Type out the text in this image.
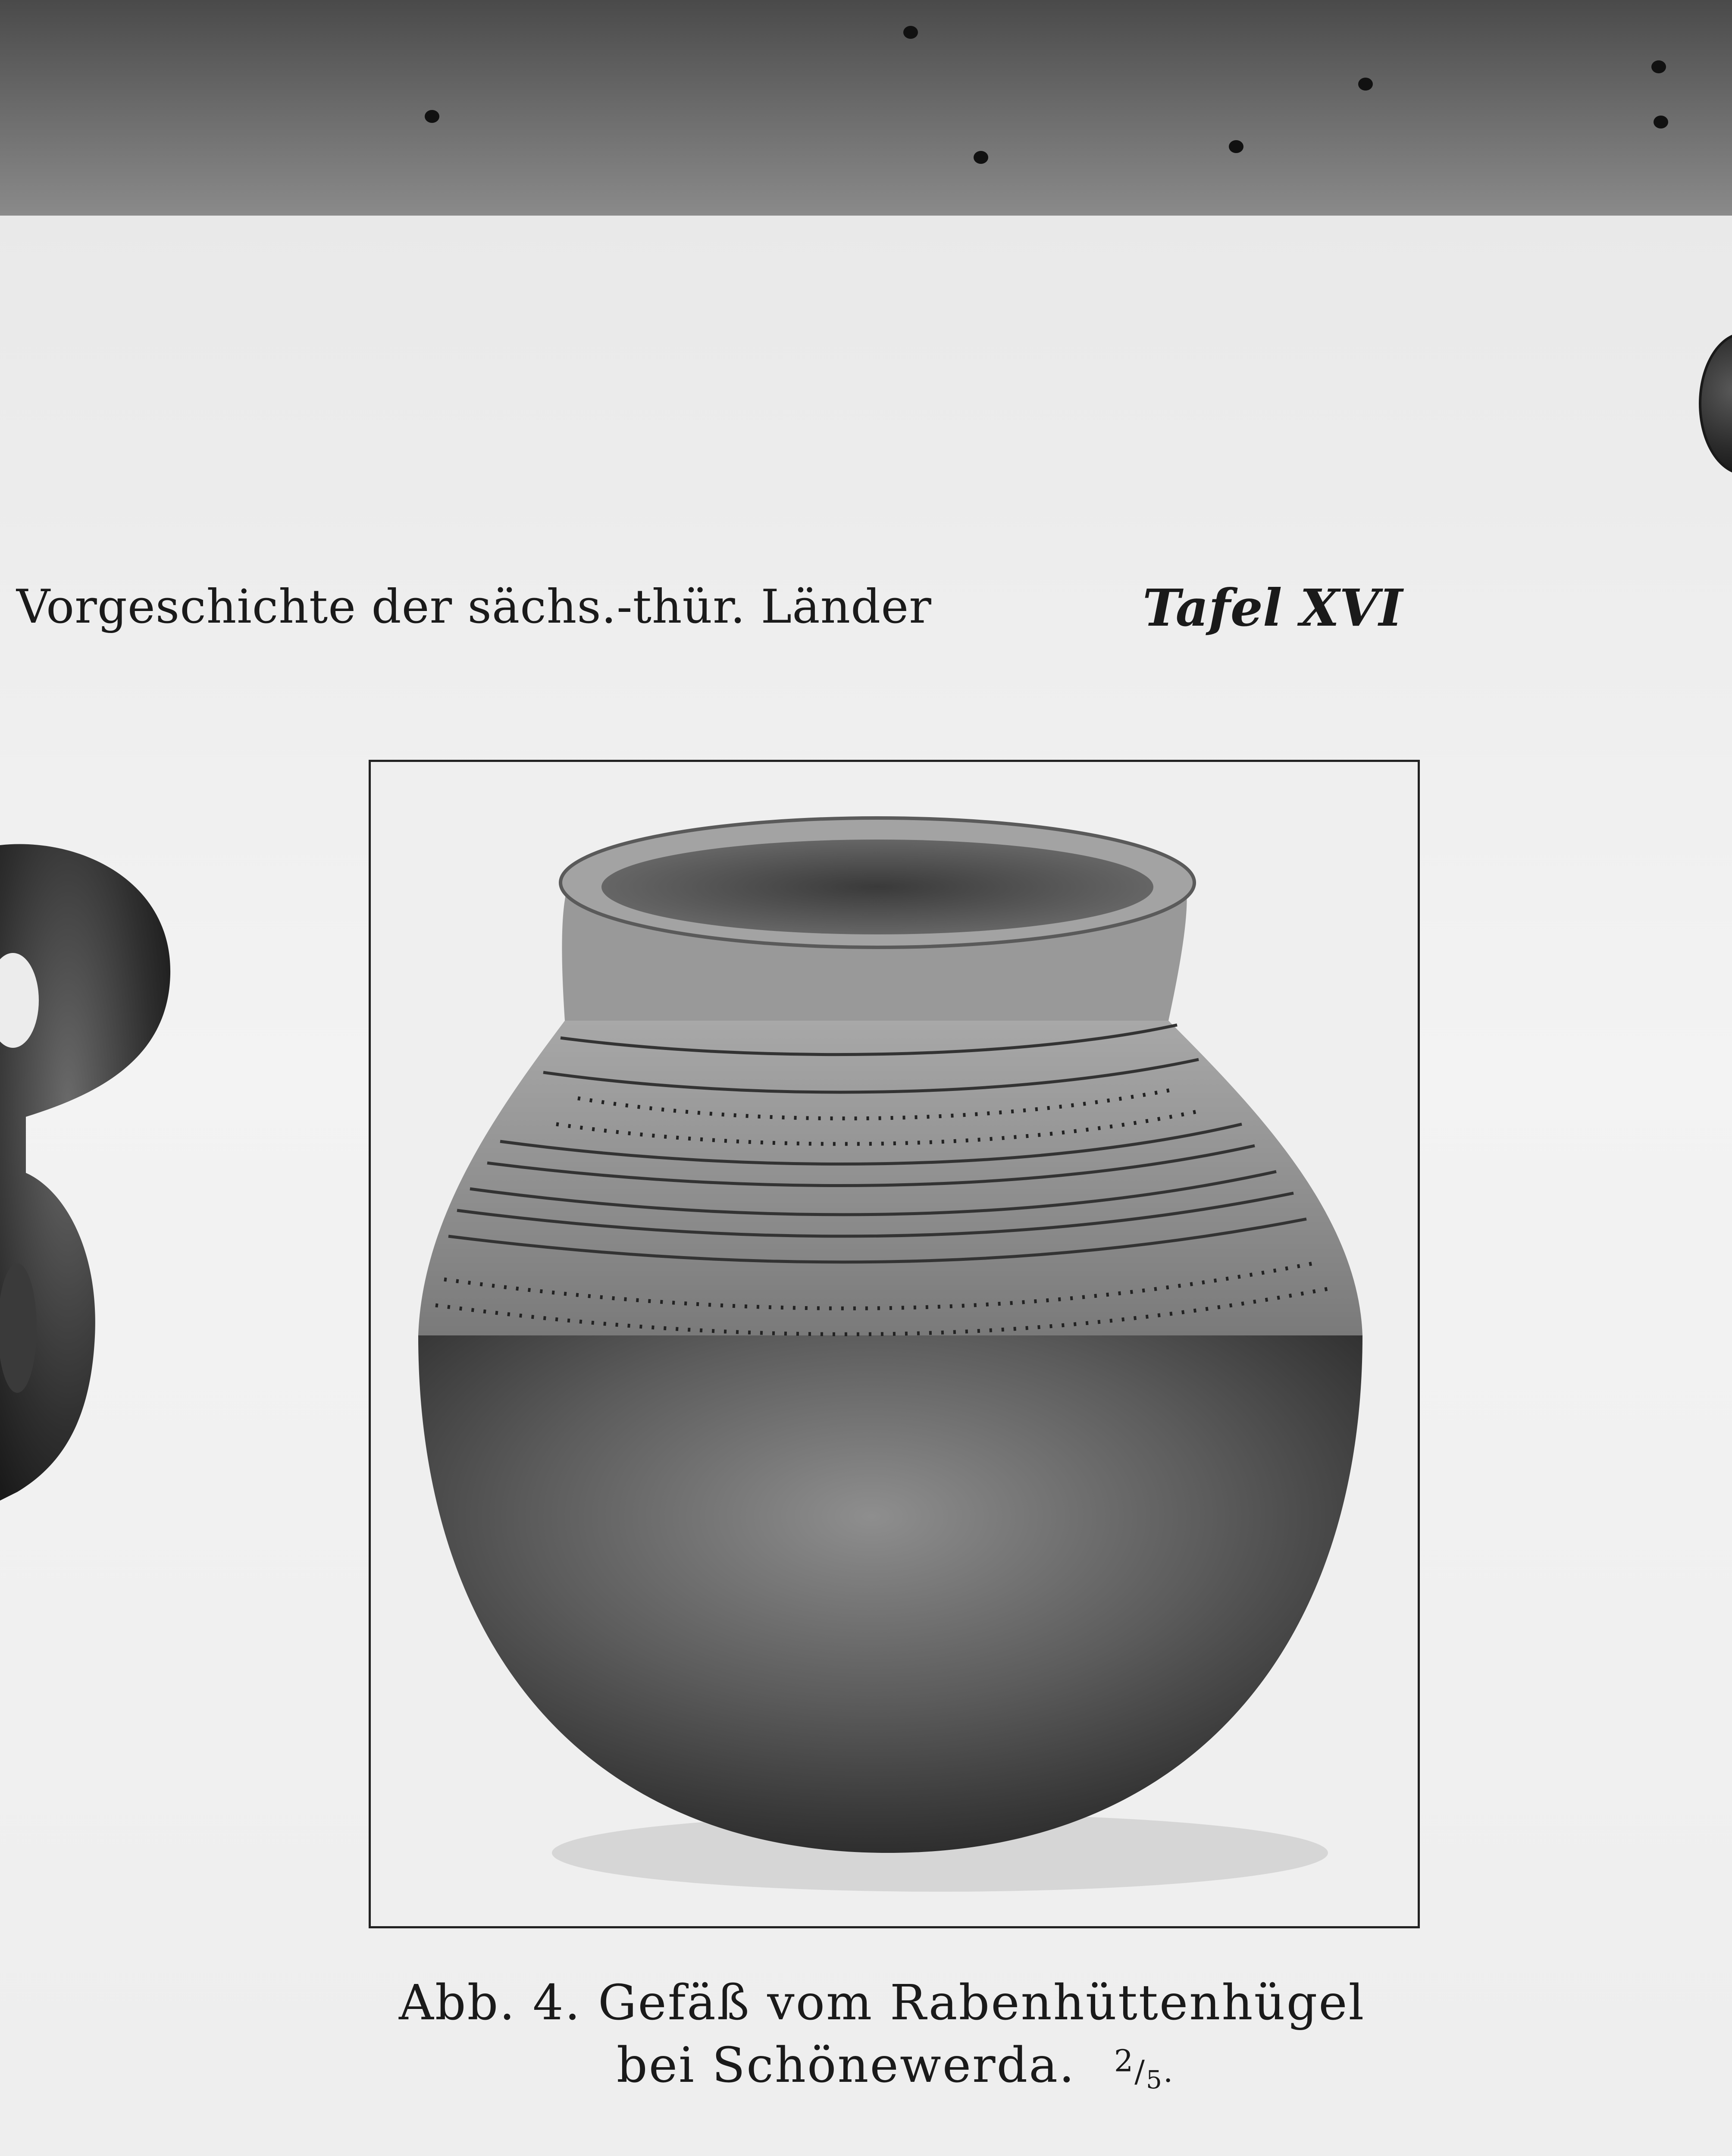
Vorgeschichte der sächs.-thür. Länder	Tafel XVI
Abb. 4. Gefäß vom Rabenhüttenhügel
bei Schönewerda. $^2/_5$.
